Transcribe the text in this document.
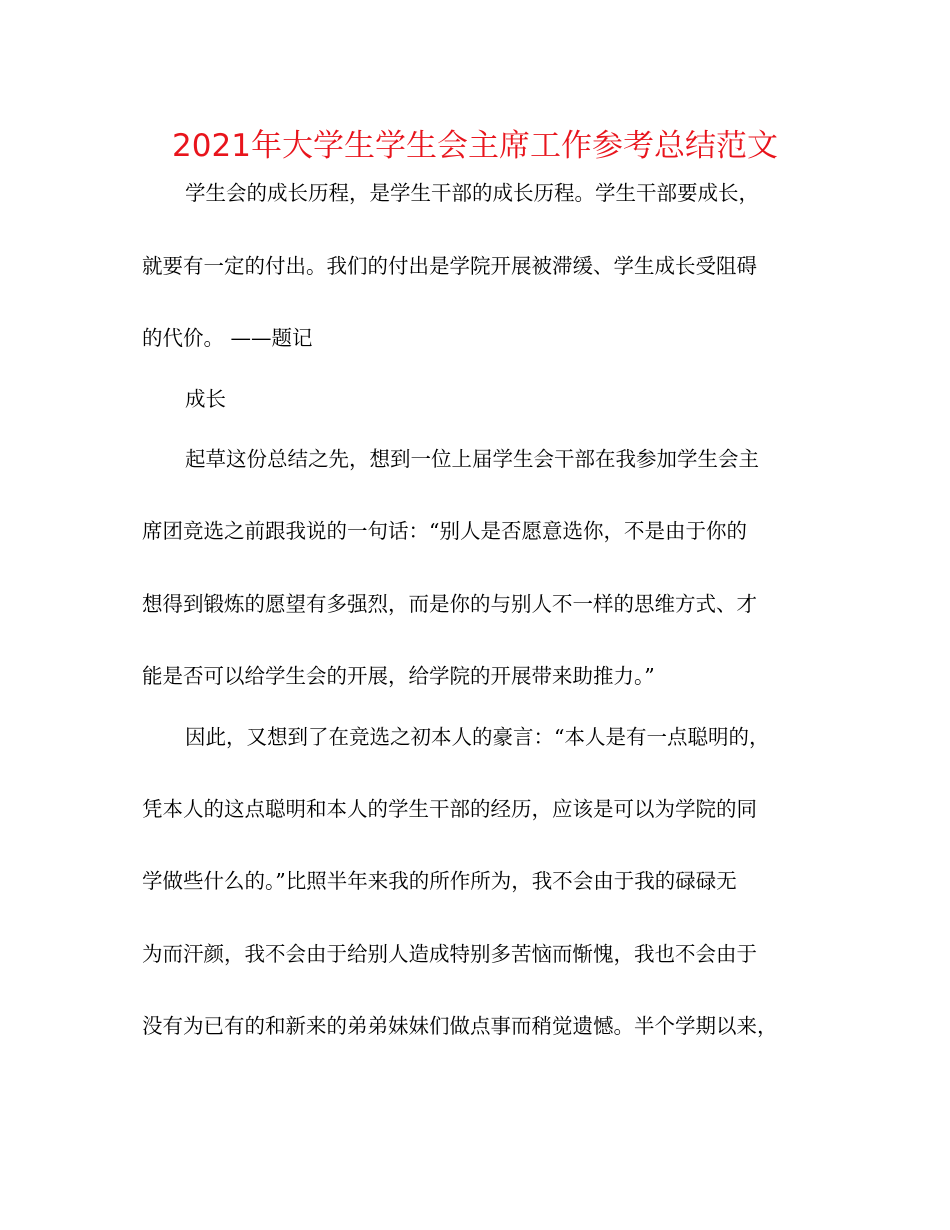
2021年大学生学生会主席工作参考总结范文

学生会的成长历程，是学生干部的成长历程。学生干部要成长，

就要有一定的付出。我们的付出是学院开展被滞缓、学生成长受阻碍

的代价。 ——题记

成长

起草这份总结之先，想到一位上届学生会干部在我参加学生会主

席团竞选之前跟我说的一句话：“别人是否愿意选你，不是由于你的

想得到锻炼的愿望有多强烈，而是你的与别人不一样的思维方式、才

能是否可以给学生会的开展，给学院的开展带来助推力。”

因此，又想到了在竞选之初本人的豪言：“本人是有一点聪明的，

凭本人的这点聪明和本人的学生干部的经历，应该是可以为学院的同

学做些什么的。”比照半年来我的所作所为，我不会由于我的碌碌无

为而汗颜，我不会由于给别人造成特别多苦恼而惭愧，我也不会由于

没有为已有的和新来的弟弟妹妹们做点事而稍觉遗憾。半个学期以来，
